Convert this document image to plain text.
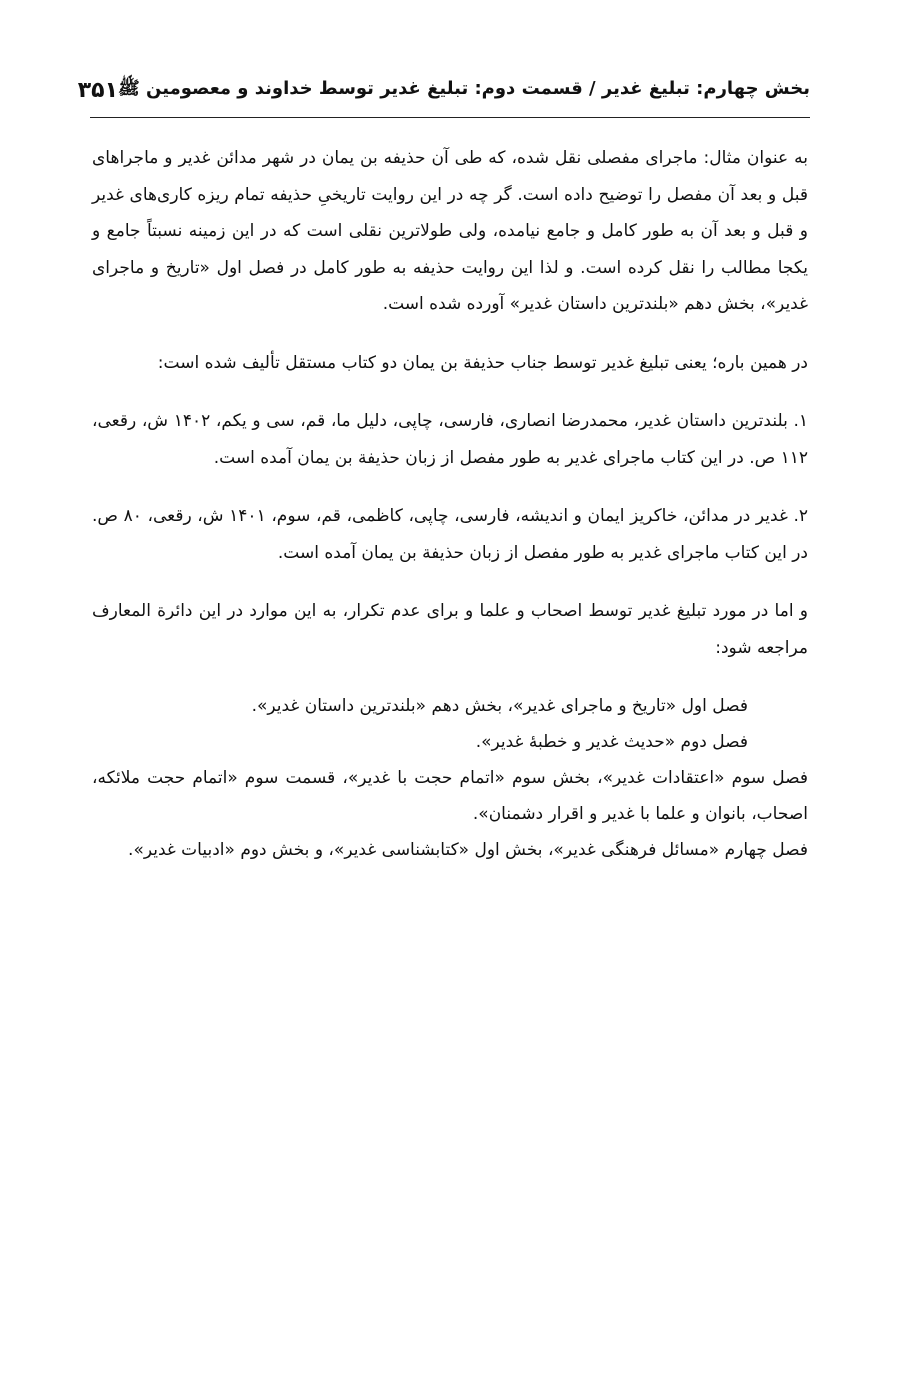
بخش چهارم: تبلیغ غدیر / قسمت دوم: تبلیغ غدیر توسط خداوند و معصومین ﷺ
۳۵۱

به عنوان مثال: ماجرای مفصلی نقل شده، که طی آن حذیفه بن یمان در شهر مدائن غدیر و ماجراهای قبل و بعد آن مفصل را توضیح داده است. گر چه در این روایت تاریخیِ حذیفه تمام ریزه کاری‌های غدیر و قبل و بعد آن به طور کامل و جامع نیامده، ولی طولاترین نقلی است که در این زمینه نسبتاً جامع و یکجا مطالب را نقل کرده است. و لذا این روایت حذیفه به طور کامل در فصل اول «تاریخ و ماجرای غدیر»، بخش دهم «بلندترین داستان غدیر» آورده شده است.

در همین باره؛ یعنی تبلیغ غدیر توسط جناب حذیفة بن یمان دو کتاب مستقل تألیف شده است:

۱. بلندترین داستان غدیر، محمدرضا انصاری، فارسی، چاپی، دلیل ما، قم، سی و یکم، ۱۴۰۲ ش، رقعی، ۱۱۲ ص. در این کتاب ماجرای غدیر به طور مفصل از زبان حذیفة بن یمان آمده است.

۲. غدیر در مدائن، خاکریز ایمان و اندیشه، فارسی، چاپی، کاظمی، قم، سوم، ۱۴۰۱ ش، رقعی، ۸۰ ص. در این کتاب ماجرای غدیر به طور مفصل از زبان حذیفة بن یمان آمده است.

و اما در مورد تبلیغ غدیر توسط اصحاب و علما و برای عدم تکرار، به این موارد در این دائرة المعارف مراجعه شود:

فصل اول «تاریخ و ماجرای غدیر»، بخش دهم «بلندترین داستان غدیر».

فصل دوم «حدیث غدیر و خطبهٔ غدیر».

فصل سوم «اعتقادات غدیر»، بخش سوم «اتمام حجت با غدیر»، قسمت سوم «اتمام حجت ملائکه، اصحاب، بانوان و علما با غدیر و اقرار دشمنان».

فصل چهارم «مسائل فرهنگی غدیر»، بخش اول «کتابشناسی غدیر»، و بخش دوم «ادبیات غدیر».
